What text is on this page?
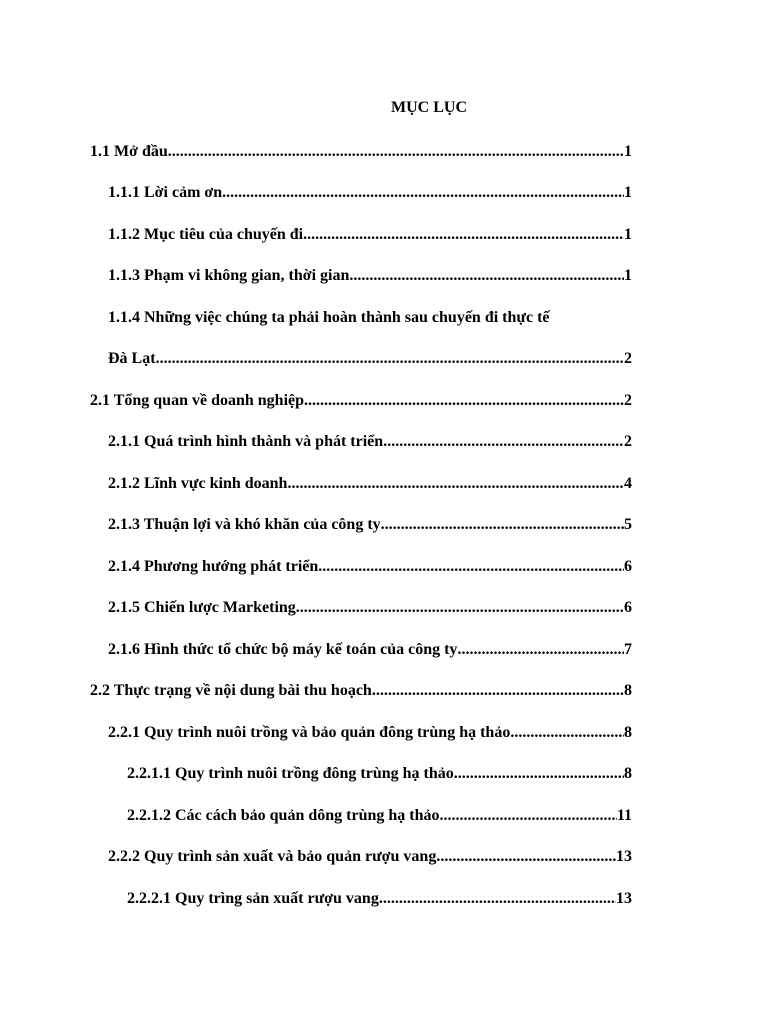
MỤC LỤC
1.1 Mở đầu .....	1
1.1.1 Lời cảm ơn .....	1
1.1.2 Mục tiêu của chuyến đi .....	1
1.1.3 Phạm vi không gian, thời gian .....	1
1.1.4 Những việc chúng ta phải hoàn thành sau chuyến đi thực tế
Đà Lạt .....	2
2.1 Tổng quan về doanh nghiệp .....	2
2.1.1 Quá trình hình thành và phát triển .....	2
2.1.2 Lĩnh vực kinh doanh .....	4
2.1.3 Thuận lợi và khó khăn của công ty .....	5
2.1.4 Phương hướng phát triển .....	6
2.1.5 Chiến lược Marketing .....	6
2.1.6 Hình thức tổ chức bộ máy kế toán của công ty .....	7
2.2 Thực trạng về nội dung bài thu hoạch .....	8
2.2.1 Quy trình nuôi trồng và bảo quản đông trùng hạ thảo .....	8
2.2.1.1 Quy trình nuôi trồng đông trùng hạ thảo .....	8
2.2.1.2 Các cách bảo quản dông trùng hạ thảo .....	11
2.2.2 Quy trình sản xuất và bảo quản rượu vang .....	13
2.2.2.1 Quy trìng sản xuất rượu vang .....	13
